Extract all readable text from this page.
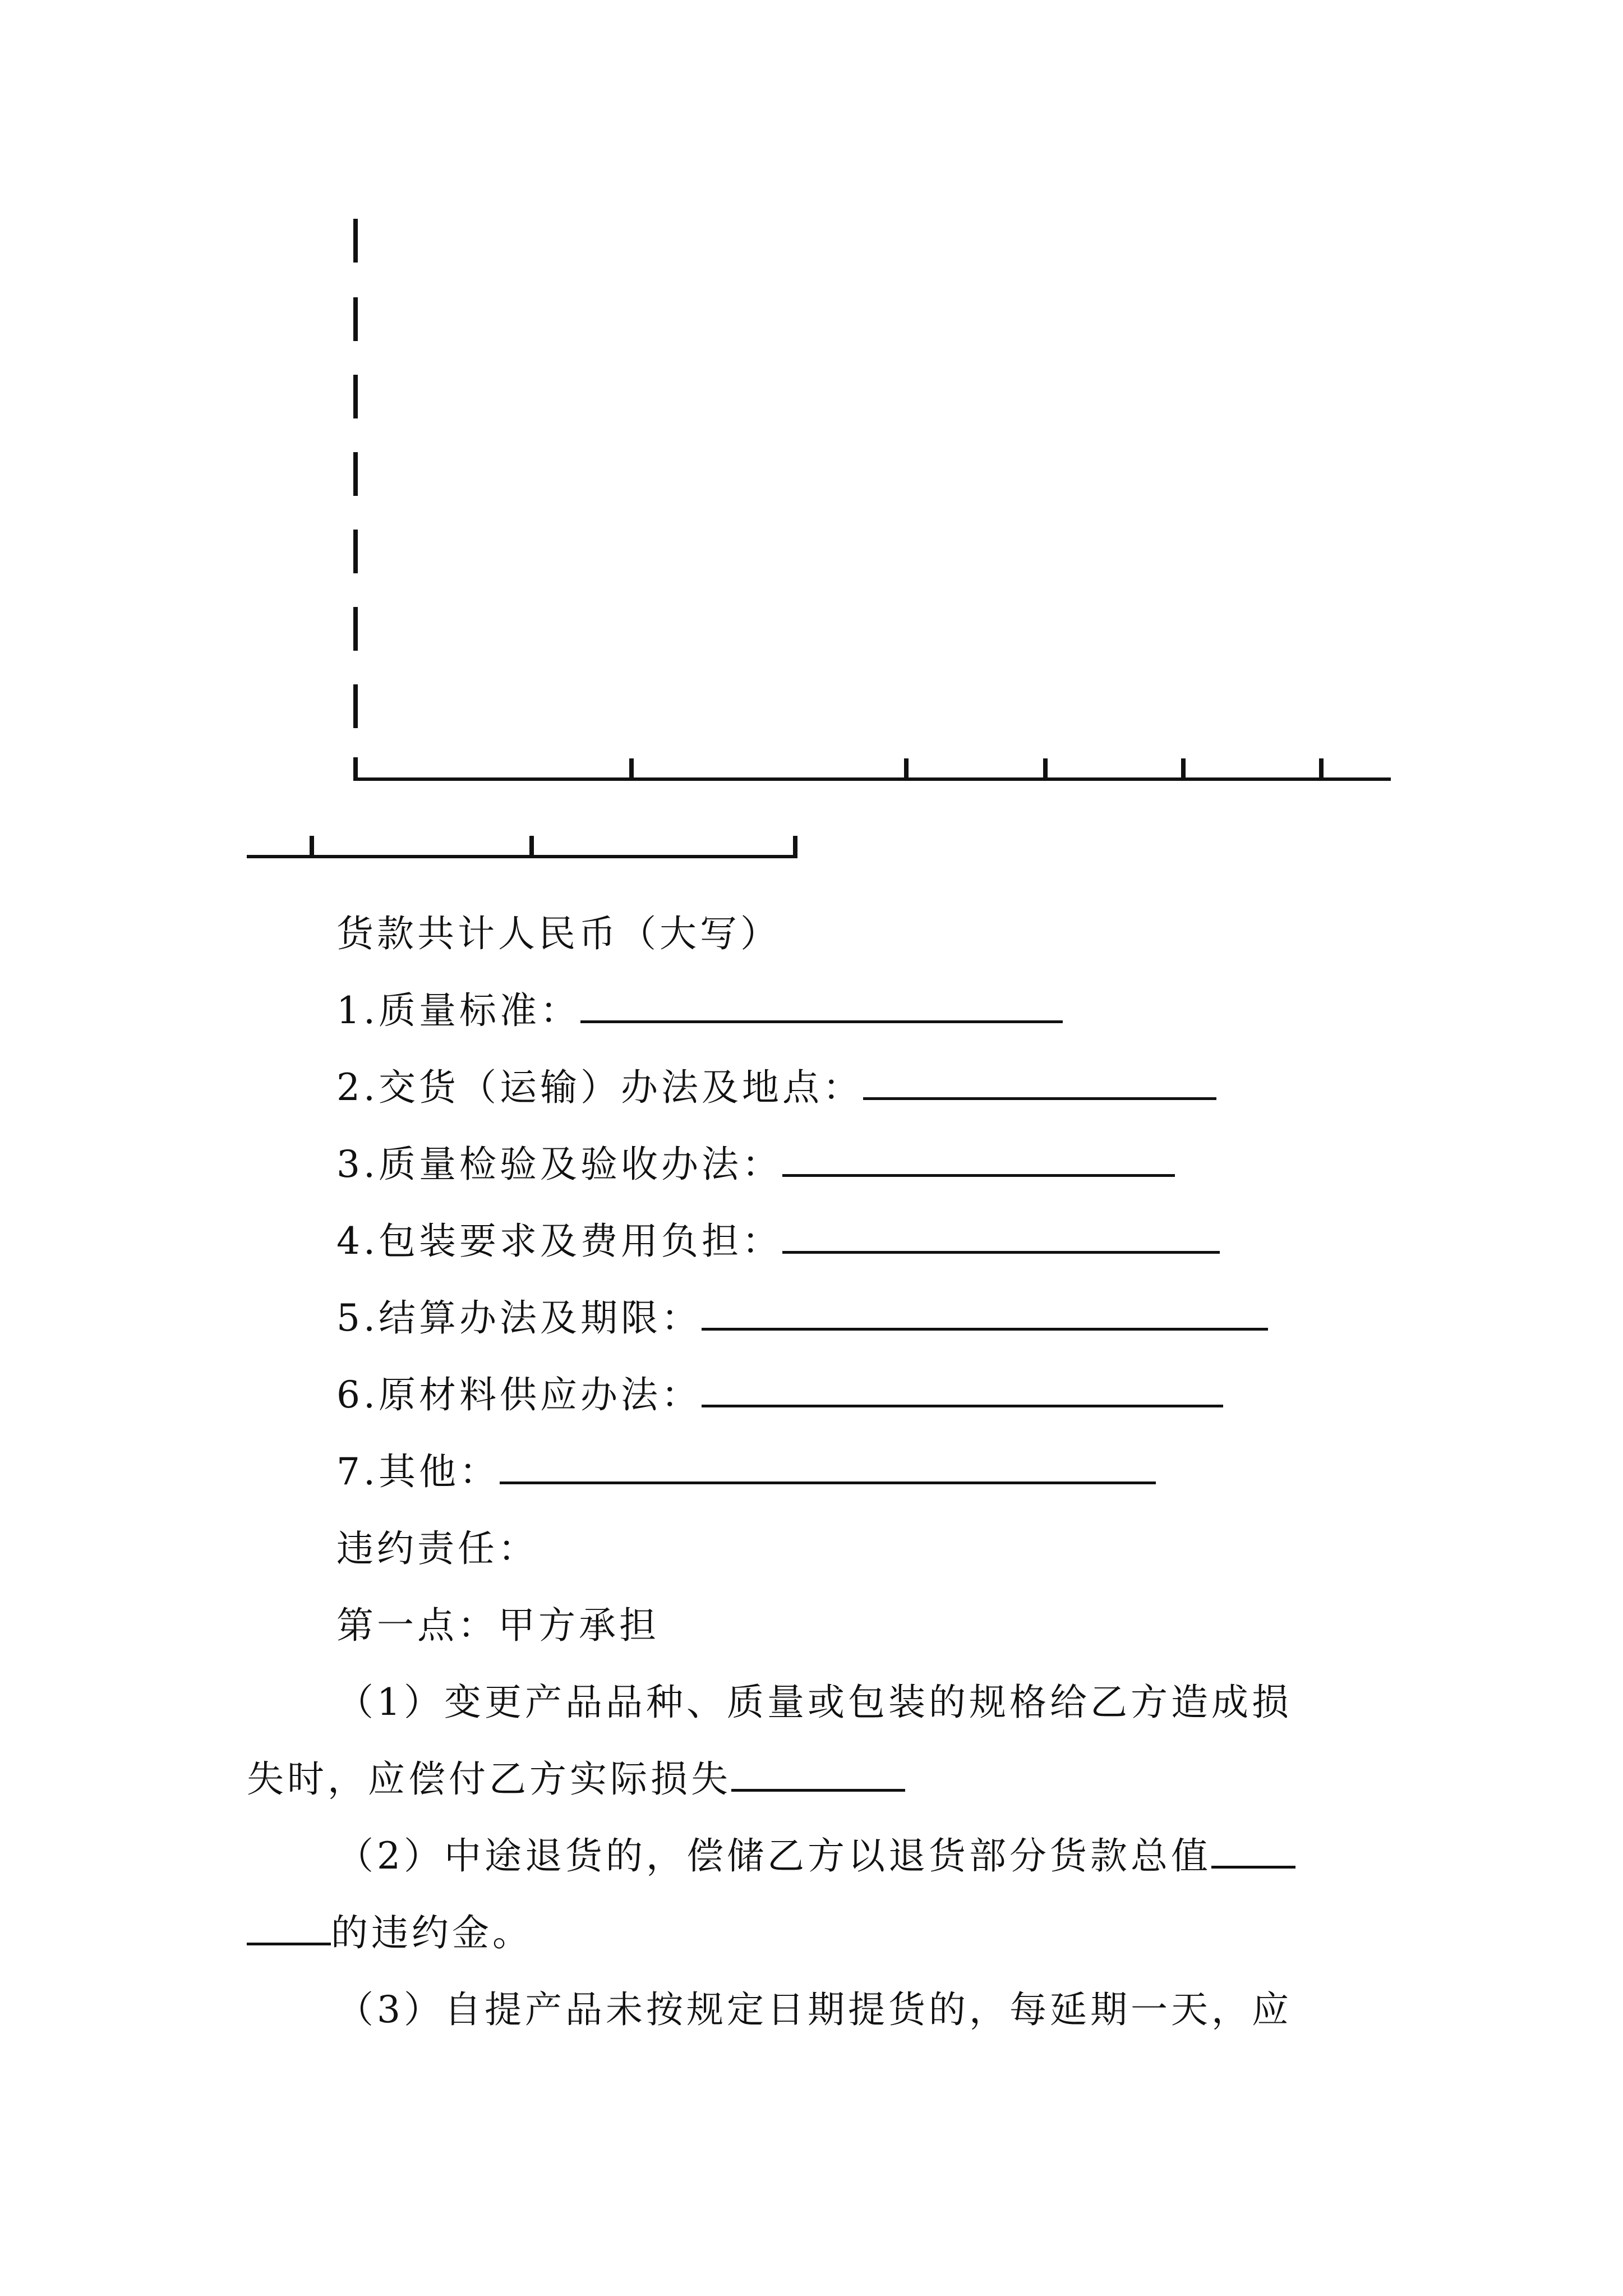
货款共计人民币（大写）
1.质量标准：
2.交货（运输）办法及地点：
3.质量检验及验收办法：
4.包装要求及费用负担：
5.结算办法及期限：
6.原材料供应办法：
7.其他：
违约责任：
第一点：甲方承担
（1）变更产品品种、质量或包装的规格给乙方造成损
失时，应偿付乙方实际损失
（2）中途退货的，偿储乙方以退货部分货款总值
的违约金。
（3）自提产品未按规定日期提货的，每延期一天，应
